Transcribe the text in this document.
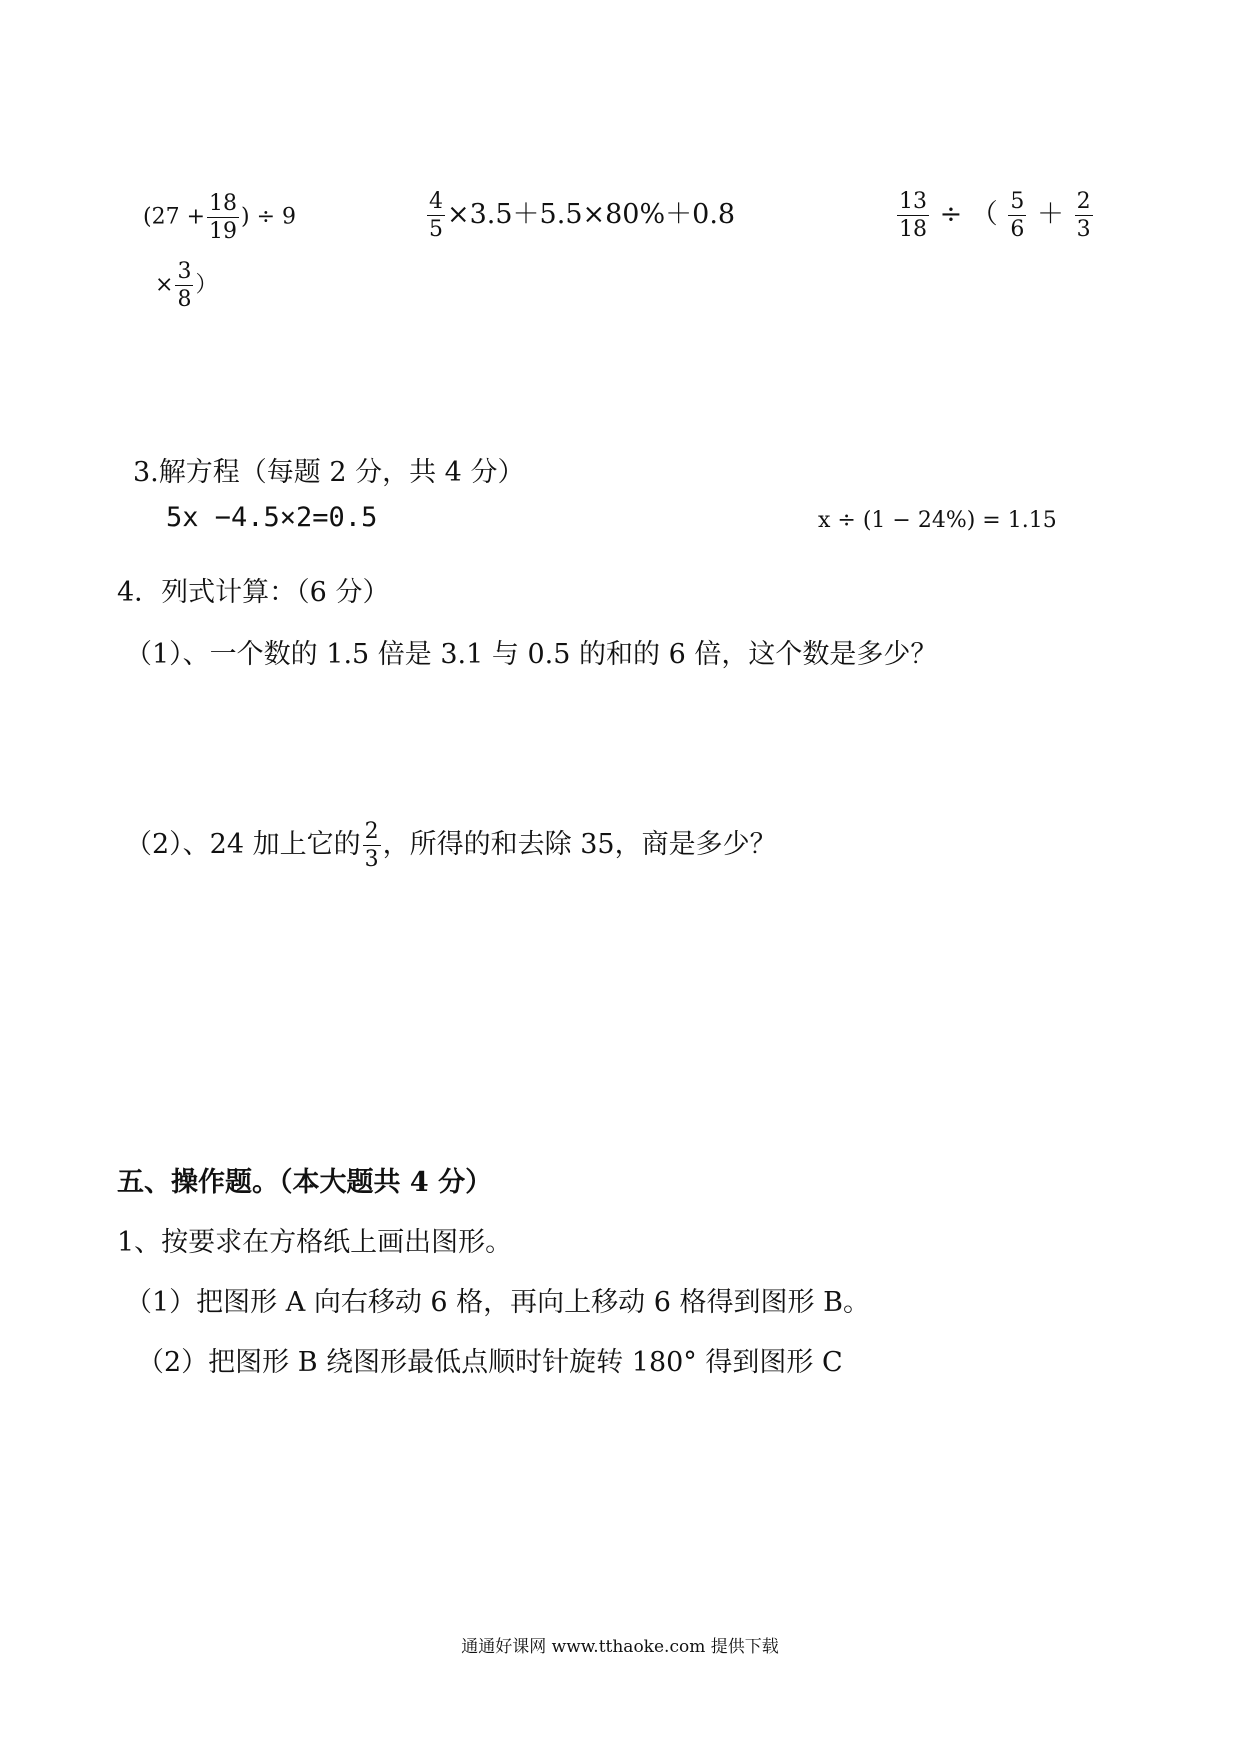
($27 + \frac{18}{19}$ ) ÷ 9
× $\frac{3}{8}$ ）
$\frac{4}{5} \times 3.5+5.5\times 80\%+0.8$	$\frac{13}{18}$ ÷ （ $\frac{5}{6} + \frac{2}{3}$
3.解方程（每题 2 分，共 4 分）
5x −4.5×2=0.5	x ÷ (1 − 24%) = 1.15
4．列式计算：（6 分）
（1）、一个数的 1.5 倍是 3.1 与 0.5 的和的 6 倍，这个数是多少？
（2）、24 加上它的 $\frac{2}{3}$ ，所得的和去除 35，商是多少？
五、操作题。（本大题共 4 分）
1、按要求在方格纸上画出图形。
（1）把图形 A 向右移动 6 格，再向上移动 6 格得到图形 B。
（2）把图形 B 绕图形最低点顺时针旋转 180° 得到图形 C
通通好课网 www.tthaoke.com 提供下载
